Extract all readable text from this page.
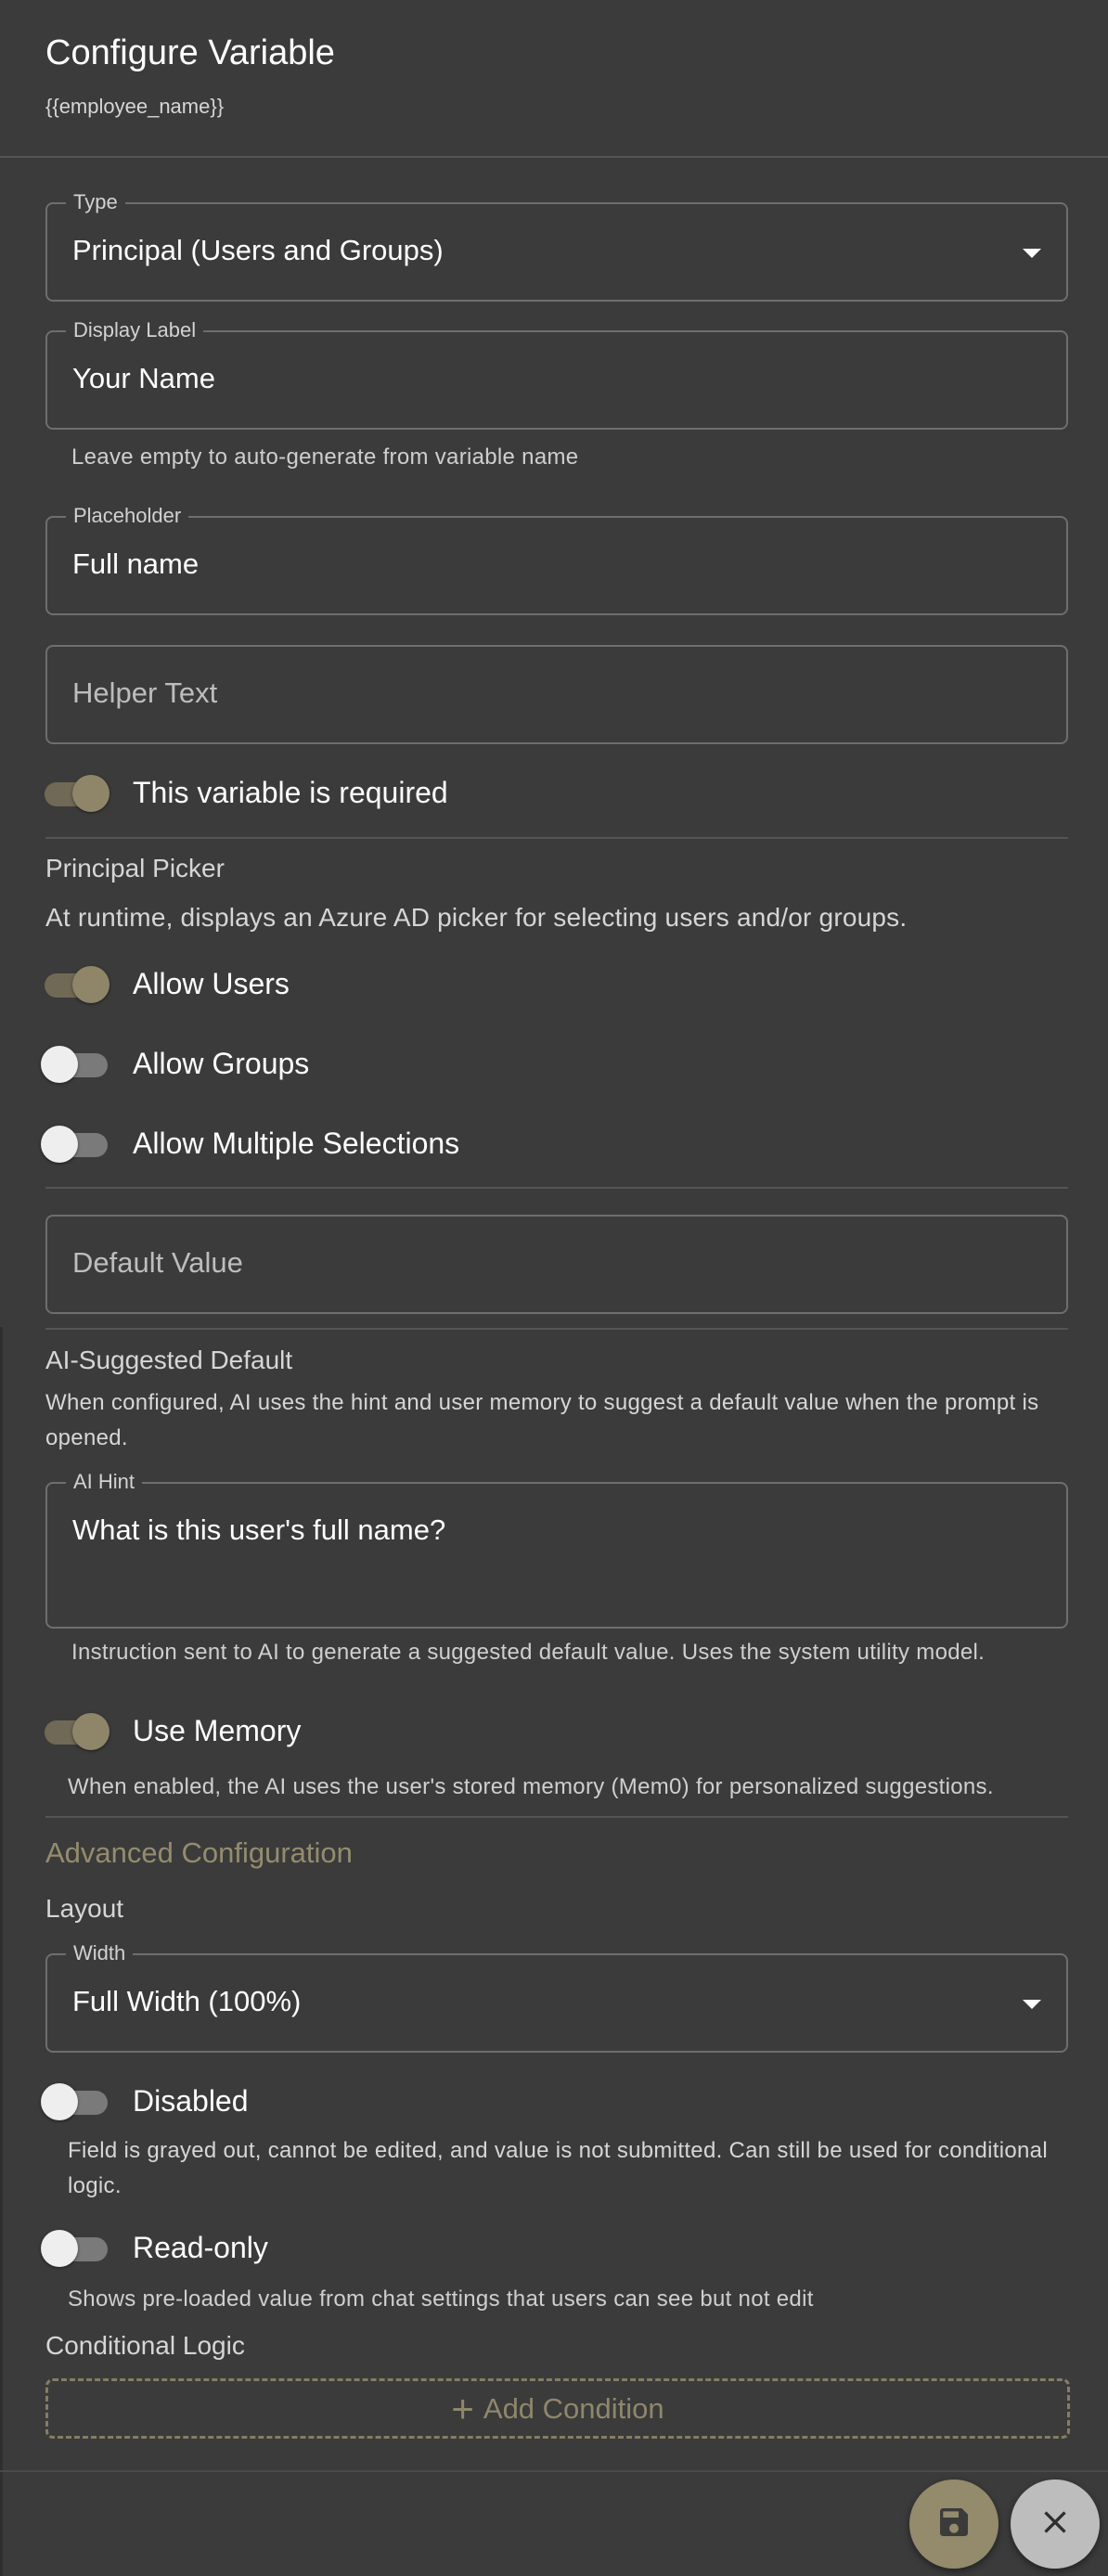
Configure Variable
{{employee_name}}
Type
Principal (Users and Groups)
Display Label
Your Name
Leave empty to auto-generate from variable name
Placeholder
Full name
Helper Text
This variable is required
Principal Picker
At runtime, displays an Azure AD picker for selecting users and/or groups.
Allow Users
Allow Groups
Allow Multiple Selections
Default Value
AI-Suggested Default
When configured, AI uses the hint and user memory to suggest a default value when the prompt is opened.
AI Hint
What is this user's full name?
Instruction sent to AI to generate a suggested default value. Uses the system utility model.
Use Memory
When enabled, the AI uses the user's stored memory (Mem0) for personalized suggestions.
Advanced Configuration
Layout
Width
Full Width (100%)
Disabled
Field is grayed out, cannot be edited, and value is not submitted. Can still be used for conditional logic.
Read-only
Shows pre-loaded value from chat settings that users can see but not edit
Conditional Logic
+ Add Condition
